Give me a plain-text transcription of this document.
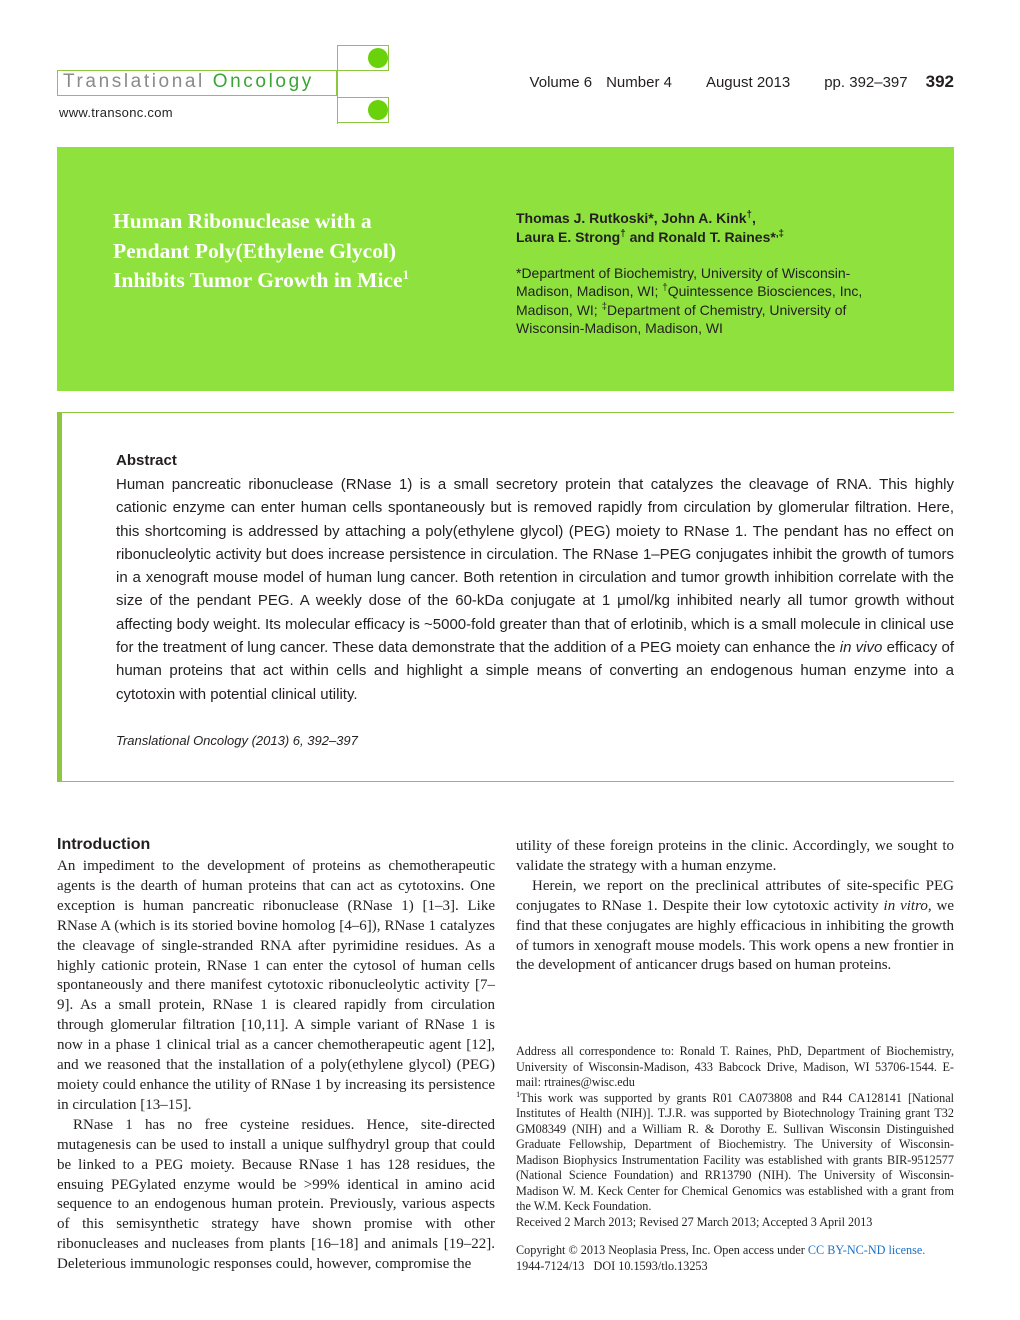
Translational Oncology
www.transonc.com
Volume 6 Number 4 August 2013 pp. 392–397 392
Human Ribonuclease with a
Pendant Poly(Ethylene Glycol)
Inhibits Tumor Growth in Mice$^1$
Thomas J. Rutkoski*, John A. Kink†,
Laura E. Strong† and Ronald T. Raines*,‡
*Department of Biochemistry, University of Wisconsin-Madison, Madison, WI; †Quintessence Biosciences, Inc, Madison, WI; ‡Department of Chemistry, University of Wisconsin-Madison, Madison, WI
Abstract
Human pancreatic ribonuclease (RNase 1) is a small secretory protein that catalyzes the cleavage of RNA. This highly cationic enzyme can enter human cells spontaneously but is removed rapidly from circulation by glomerular filtration. Here, this shortcoming is addressed by attaching a poly(ethylene glycol) (PEG) moiety to RNase 1. The pendant has no effect on ribonucleolytic activity but does increase persistence in circulation. The RNase 1–PEG conjugates inhibit the growth of tumors in a xenograft mouse model of human lung cancer. Both retention in circulation and tumor growth inhibition correlate with the size of the pendant PEG. A weekly dose of the 60-kDa conjugate at 1 μmol/kg inhibited nearly all tumor growth without affecting body weight. Its molecular efficacy is ~5000-fold greater than that of erlotinib, which is a small molecule in clinical use for the treatment of lung cancer. These data demonstrate that the addition of a PEG moiety can enhance the in vivo efficacy of human proteins that act within cells and highlight a simple means of converting an endogenous human enzyme into a cytotoxin with potential clinical utility.
Translational Oncology (2013) 6, 392–397
Introduction

An impediment to the development of proteins as chemotherapeutic agents is the dearth of human proteins that can act as cytotoxins. One exception is human pancreatic ribonuclease (RNase 1) [1–3]. Like RNase A (which is its storied bovine homolog [4–6]), RNase 1 catalyzes the cleavage of single-stranded RNA after pyrimidine residues. As a highly cationic protein, RNase 1 can enter the cytosol of human cells spontaneously and there manifest cytotoxic ribonucleolytic activity [7–9]. As a small protein, RNase 1 is cleared rapidly from circulation through glomerular filtration [10,11]. A simple variant of RNase 1 is now in a phase 1 clinical trial as a cancer chemotherapeutic agent [12], and we reasoned that the installation of a poly(ethylene glycol) (PEG) moiety could enhance the utility of RNase 1 by increasing its persistence in circulation [13–15].

RNase 1 has no free cysteine residues. Hence, site-directed mutagenesis can be used to install a unique sulfhydryl group that could be linked to a PEG moiety. Because RNase 1 has 128 residues, the ensuing PEGylated enzyme would be >99% identical in amino acid sequence to an endogenous human protein. Previously, various aspects of this semisynthetic strategy have shown promise with other ribonucleases and nucleases from plants [16–18] and animals [19–22]. Deleterious immunologic responses could, however, compromise the

utility of these foreign proteins in the clinic. Accordingly, we sought to validate the strategy with a human enzyme.

Herein, we report on the preclinical attributes of site-specific PEG conjugates to RNase 1. Despite their low cytotoxic activity in vitro, we find that these conjugates are highly efficacious in inhibiting the growth of tumors in xenograft mouse models. This work opens a new frontier in the development of anticancer drugs based on human proteins.

Address all correspondence to: Ronald T. Raines, PhD, Department of Biochemistry, University of Wisconsin-Madison, 433 Babcock Drive, Madison, WI 53706-1544. E-mail: rtraines@wisc.edu

$^1$This work was supported by grants R01 CA073808 and R44 CA128141 [National Institutes of Health (NIH)]. T.J.R. was supported by Biotechnology Training grant T32 GM08349 (NIH) and a William R. & Dorothy E. Sullivan Wisconsin Distinguished Graduate Fellowship, Department of Biochemistry. The University of Wisconsin-Madison Biophysics Instrumentation Facility was established with grants BIR-9512577 (National Science Foundation) and RR13790 (NIH). The University of Wisconsin-Madison W. M. Keck Center for Chemical Genomics was established with a grant from the W.M. Keck Foundation.

Received 2 March 2013; Revised 27 March 2013; Accepted 3 April 2013

Copyright © 2013 Neoplasia Press, Inc. Open access under CC BY-NC-ND license.
1944-7124/13   DOI 10.1593/tlo.13253
